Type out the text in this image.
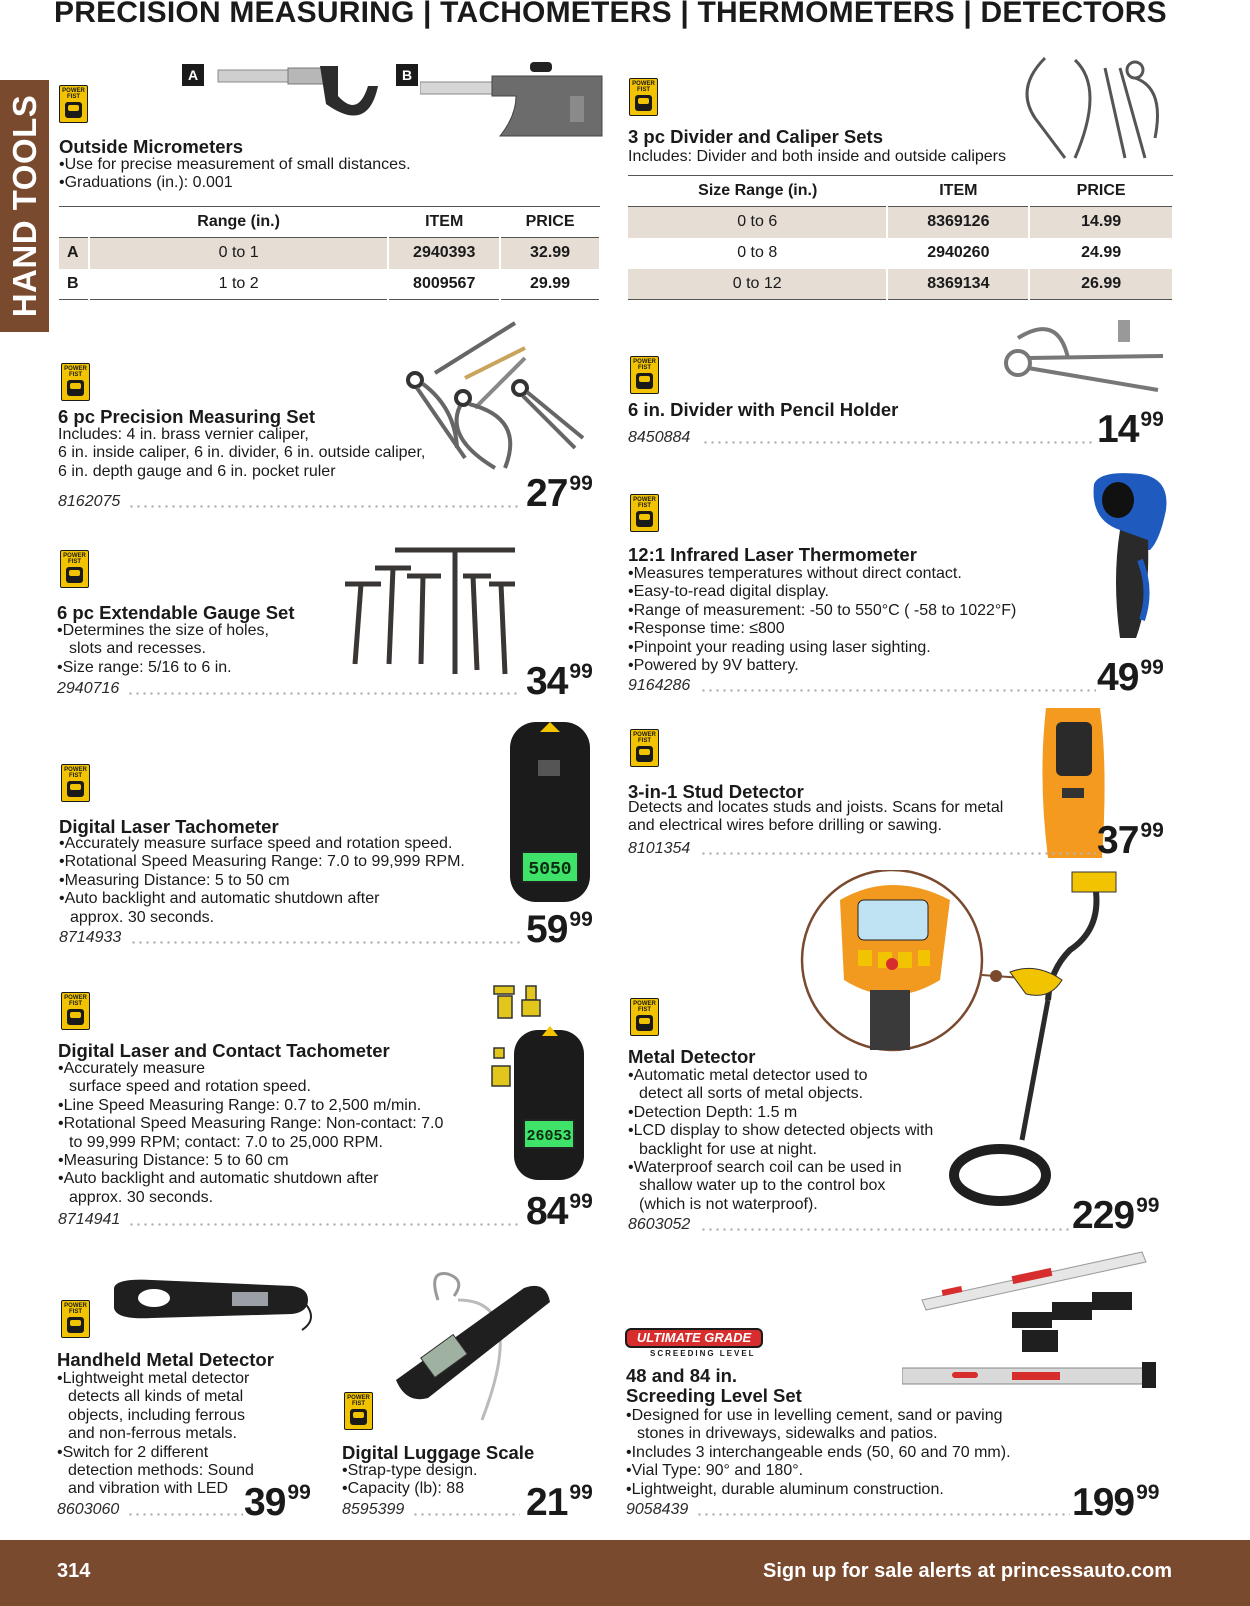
PRECISION MEASURING | TACHOMETERS | THERMOMETERS | DETECTORS
HAND TOOLS
POWER FIST
A	B
Outside Micrometers
•Use for precise measurement of small distances.
•Graduations (in.): 0.001
	Range (in.)	ITEM	PRICE
A	0 to 1	2940393	32.99
B	1 to 2	8009567	29.99
POWER FIST
3 pc Divider and Caliper Sets
Includes: Divider and both inside and outside calipers
Size Range (in.)	ITEM	PRICE
0 to 6	8369126	14.99
0 to 8	2940260	24.99
0 to 12	8369134	26.99
POWER FIST
6 pc Precision Measuring Set
Includes: 4 in. brass vernier caliper,
6 in. inside caliper, 6 in. divider, 6 in. outside caliper,
6 in. depth gauge and 6 in. pocket ruler
8162075	$27^{99}$
POWER FIST
6 in. Divider with Pencil Holder
8450884	$14^{99}$
POWER FIST
6 pc Extendable Gauge Set
•Determines the size of holes,
slots and recesses.
•Size range: 5/16 to 6 in.
2940716	$34^{99}$
POWER FIST
12:1 Infrared Laser Thermometer
•Measures temperatures without direct contact.
•Easy-to-read digital display.
•Range of measurement: -50 to 550°C ( -58 to 1022°F)
•Response time: ≤800
•Pinpoint your reading using laser sighting.
•Powered by 9V battery.
9164286	$49^{99}$
POWER FIST
5050
Digital Laser Tachometer
•Accurately measure surface speed and rotation speed.
•Rotational Speed Measuring Range: 7.0 to 99,999 RPM.
•Measuring Distance: 5 to 50 cm
•Auto backlight and automatic shutdown after
approx. 30 seconds.
8714933	$59^{99}$
POWER FIST
3-in-1 Stud Detector
Detects and locates studs and joists. Scans for metal
and electrical wires before drilling or sawing.
8101354	$37^{99}$
POWER FIST
26053
Digital Laser and Contact Tachometer
•Accurately measure
surface speed and rotation speed.
•Line Speed Measuring Range: 0.7 to 2,500 m/min.
•Rotational Speed Measuring Range: Non-contact: 7.0
to 99,999 RPM; contact: 7.0 to 25,000 RPM.
•Measuring Distance: 5 to 60 cm
•Auto backlight and automatic shutdown after
approx. 30 seconds.
8714941	$84^{99}$
POWER FIST
Metal Detector
•Automatic metal detector used to
detect all sorts of metal objects.
•Detection Depth: 1.5 m
•LCD display to show detected objects with
backlight for use at night.
•Waterproof search coil can be used in
shallow water up to the control box
(which is not waterproof).
8603052	$229^{99}$
POWER FIST
Handheld Metal Detector
•Lightweight metal detector
detects all kinds of metal
objects, including ferrous
and non-ferrous metals.
•Switch for 2 different
detection methods: Sound
and vibration with LED
8603060	$39^{99}$
POWER FIST
Digital Luggage Scale
•Strap-type design.
•Capacity (lb): 88
8595399	$21^{99}$
ULTIMATE GRADE
SCREEDING LEVEL
48 and 84 in.
Screeding Level Set
•Designed for use in levelling cement, sand or paving
stones in driveways, sidewalks and patios.
•Includes 3 interchangeable ends (50, 60 and 70 mm).
•Vial Type: 90° and 180°.
•Lightweight, durable aluminum construction.
9058439	$199^{99}$
314	Sign up for sale alerts at princessauto.com
